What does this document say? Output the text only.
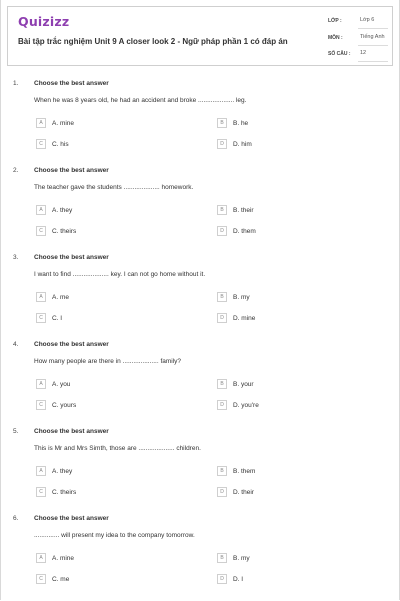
Quizizz
Bài tập trắc nghiệm Unit 9 A closer look 2 - Ngữ pháp phần 1 có đáp án
LỚP :	Lớp 6
MÔN :	Tiếng Anh
SỐ CÂU : 12
1. Choose the best answer
When he was 8 years old, he had an accident and broke .................... leg.
A	A. mine	B	B. he
C	C. his	D	D. him
2. Choose the best answer
The teacher gave the students .................... homework.
A	A. they	B	B. their
C	C. theirs	D	D. them
3. Choose the best answer
I want to find .................... key. I can not go home without it.
A	A. me	B	B. my
C	C. I	D	D. mine
4. Choose the best answer
How many people are there in .................... family?
A	A. you	B	B. your
C	C. yours	D	D. you're
5. Choose the best answer
This is Mr and Mrs Simth, those are .................... children.
A	A. they	B	B. them
C	C. theirs	D	D. their
6. Choose the best answer
.............. will present my idea to the company tomorrow.
A	A. mine	B	B. my
C	C. me	D	D. I
